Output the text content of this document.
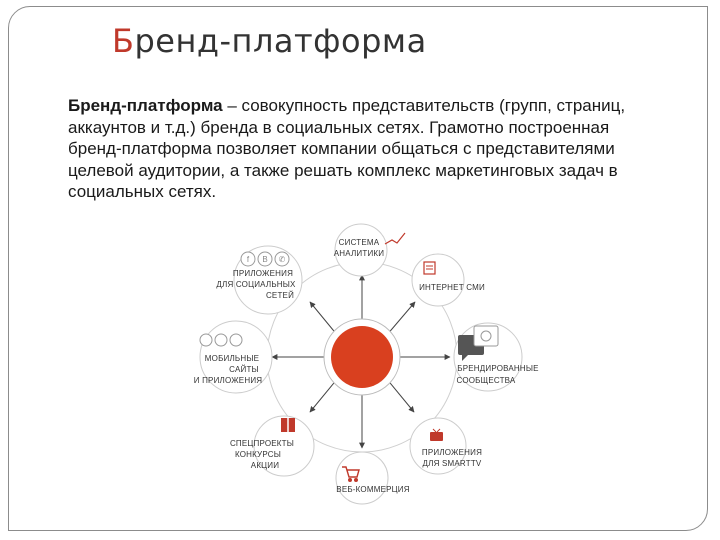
Бренд-платформа
Бренд-платформа – совокупность представительств (групп, страниц, аккаунтов и т.д.) бренда в социальных сетях. Грамотно построенная бренд-платформа позволяет компании общаться с представителями целевой аудитории, а также решать комплекс маркетинговых задач в социальных сетях.
СИСТЕМА
АНАЛИТИКИ
ИНТЕРНЕТ СМИ
БРЕНДИРОВАННЫЕ
СООБЩЕСТВА
ПРИЛОЖЕНИЯ
ДЛЯ SMARTTV
ВЕБ-КОММЕРЦИЯ
СПЕЦПРОЕКТЫ
КОНКУРСЫ
АКЦИИ
МОБИЛЬНЫЕ
САЙТЫ
И ПРИЛОЖЕНИЯ
f В ✆
ПРИЛОЖЕНИЯ
ДЛЯ СОЦИАЛЬНЫХ
СЕТЕЙ
